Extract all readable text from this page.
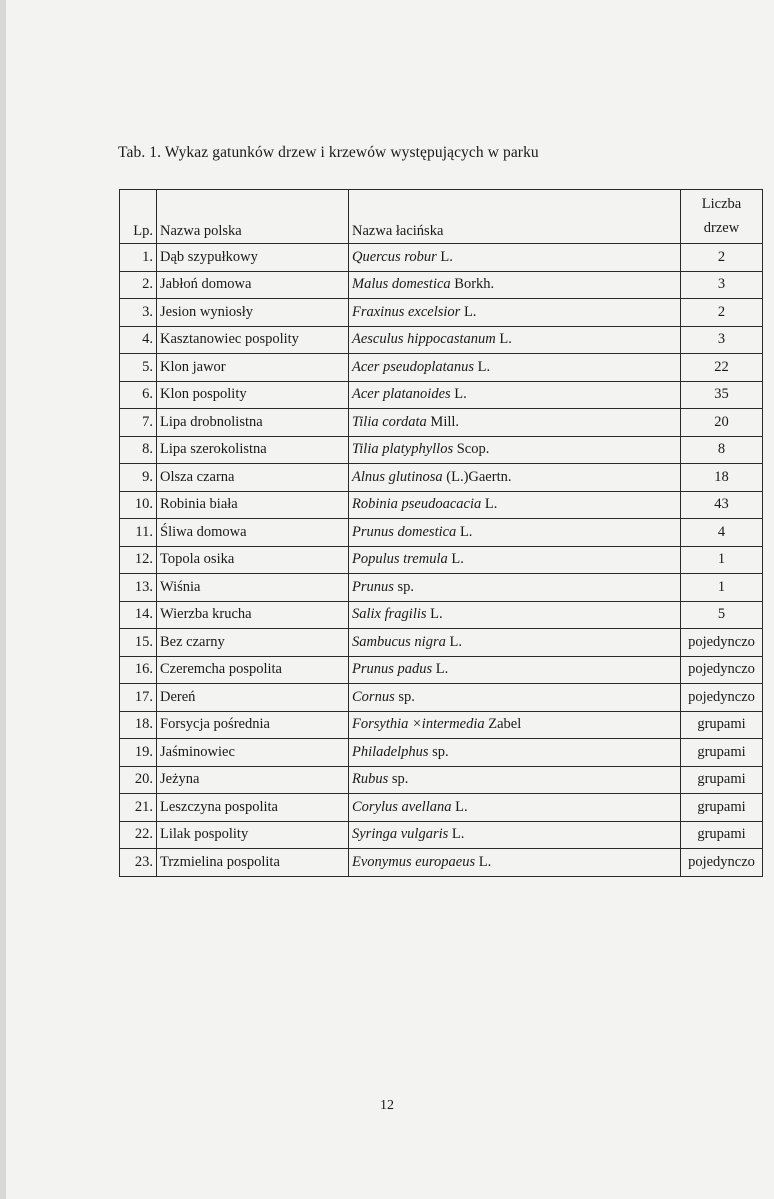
Tab. 1. Wykaz gatunków drzew i krzewów występujących w parku
Lp.	Nazwa polska	Nazwa łacińska	Liczba
drzew
1.	Dąb szypułkowy	Quercus robur L.	2
2.	Jabłoń domowa	Malus domestica Borkh.	3
3.	Jesion wyniosły	Fraxinus excelsior L.	2
4.	Kasztanowiec pospolity	Aesculus hippocastanum L.	3
5.	Klon jawor	Acer pseudoplatanus L.	22
6.	Klon pospolity	Acer platanoides L.	35
7.	Lipa drobnolistna	Tilia cordata Mill.	20
8.	Lipa szerokolistna	Tilia platyphyllos Scop.	8
9.	Olsza czarna	Alnus glutinosa (L.)Gaertn.	18
10.	Robinia biała	Robinia pseudoacacia L.	43
11.	Śliwa domowa	Prunus domestica L.	4
12.	Topola osika	Populus tremula L.	1
13.	Wiśnia	Prunus sp.	1
14.	Wierzba krucha	Salix fragilis L.	5
15.	Bez czarny	Sambucus nigra L.	pojedynczo
16.	Czeremcha pospolita	Prunus padus L.	pojedynczo
17.	Dereń	Cornus sp.	pojedynczo
18.	Forsycja pośrednia	Forsythia ×intermedia Zabel	grupami
19.	Jaśminowiec	Philadelphus sp.	grupami
20.	Jeżyna	Rubus sp.	grupami
21.	Leszczyna pospolita	Corylus avellana L.	grupami
22.	Lilak pospolity	Syringa vulgaris L.	grupami
23.	Trzmielina pospolita	Evonymus europaeus L.	pojedynczo
12
